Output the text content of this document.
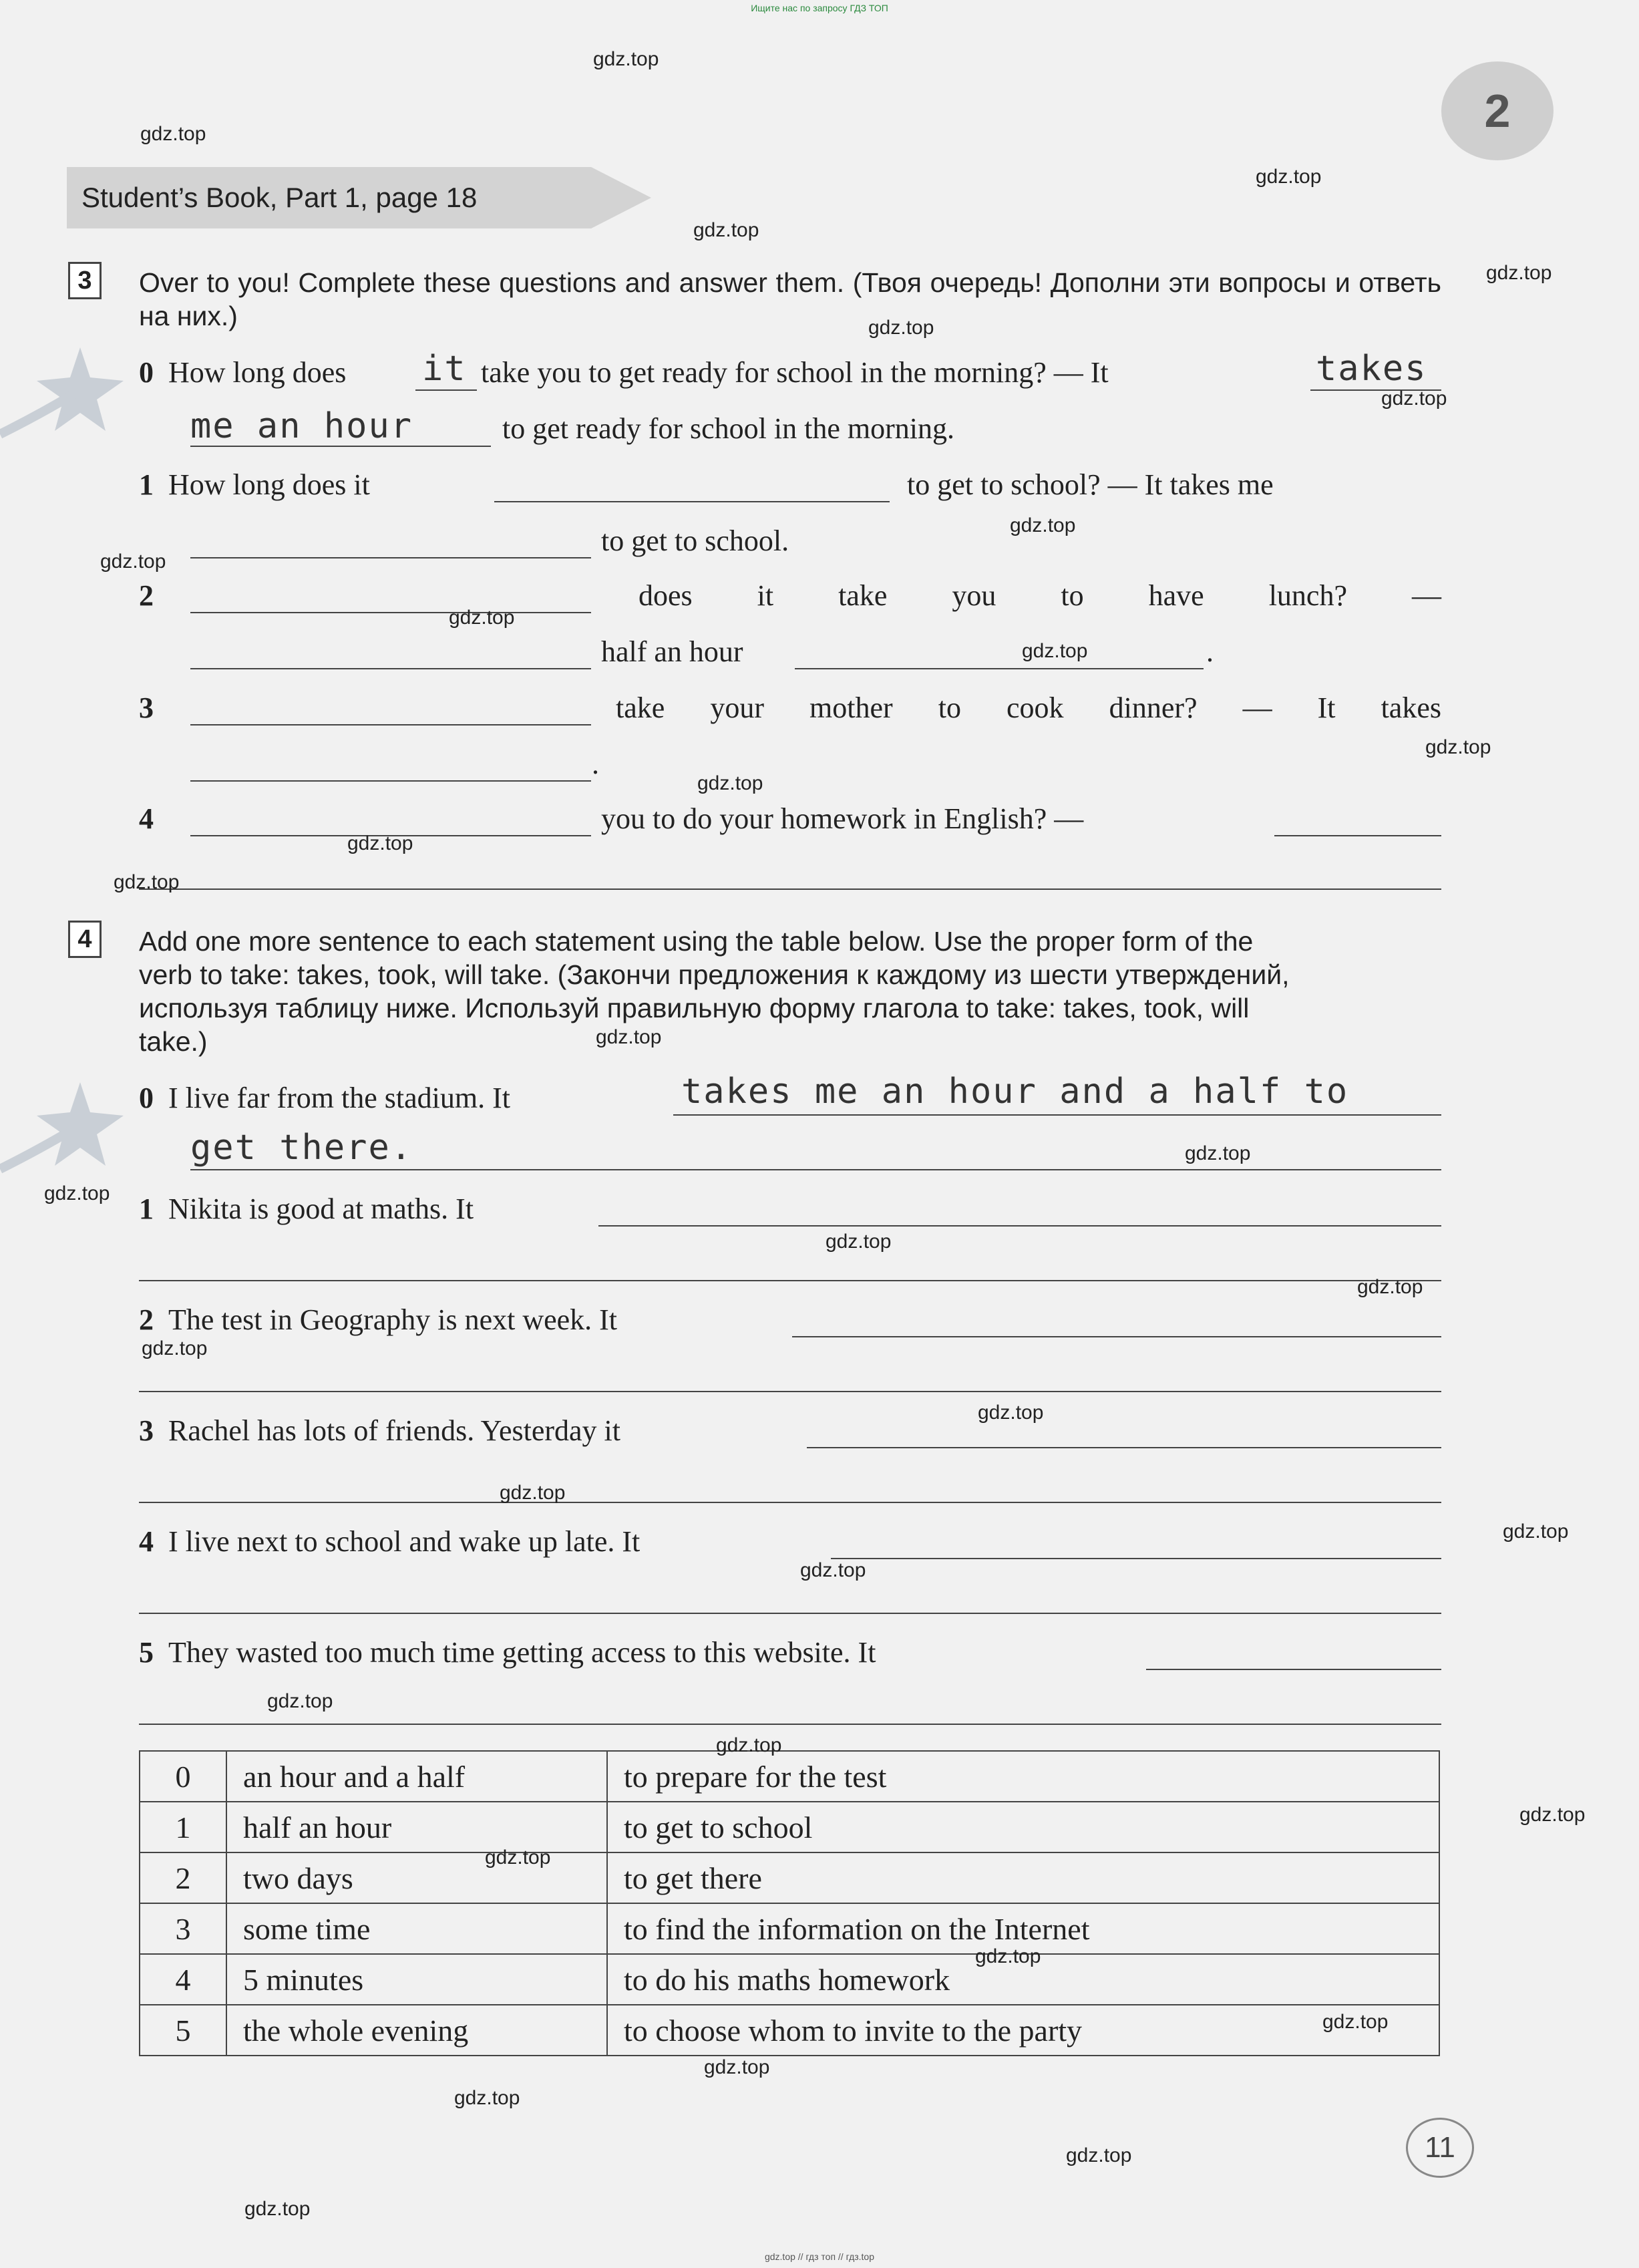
Ищите нас по запросу ГДЗ ТОП
gdz.top // гдз топ // гдз.top
2
Student’s Book, Part 1, page 18
3	Over to you! Complete these questions and answer them. (Твоя очередь! Дополни эти вопросы и ответь на них.)
0 How long does it take you to get ready for school in the morning? — It	takes
me an hour	to get ready for school in the morning.
1 How long does it	to get to school? — It takes me
to get to school.
2	does it take you to have lunch? —
half an hour	.
3	take your mother to cook dinner? — It takes
.
4	you to do your homework in English? —
4	Add one more sentence to each statement using the table below. Use the proper form of the
verb to take: takes, took, will take. (Закончи предложения к каждому из шести утверждений,
используя таблицу ниже. Используй правильную форму глагола to take: takes, took, will
take.)
0 I live far from the stadium. It	takes me an hour and a half to
get there.
1 Nikita is good at maths. It
2 The test in Geography is next week. It
3 Rachel has lots of friends. Yesterday it
4 I live next to school and wake up late. It
5 They wasted too much time getting access to this website. It
0	an hour and a half	to prepare for the test
1	half an hour	to get to school
2	two days	to get there
3	some time	to find the information on the Internet
4	5 minutes	to do his maths homework
5	the whole evening	to choose whom to invite to the party
11
gdz.top
gdz.top
gdz.top
gdz.top
gdz.top
gdz.top
gdz.top
gdz.top
gdz.top
gdz.top
gdz.top
gdz.top
gdz.top
gdz.top
gdz.top
gdz.top
gdz.top
gdz.top
gdz.top
gdz.top
gdz.top
gdz.top
gdz.top
gdz.top
gdz.top
gdz.top
gdz.top
gdz.top
gdz.top
gdz.top
gdz.top
gdz.top
gdz.top
gdz.top
gdz.top
